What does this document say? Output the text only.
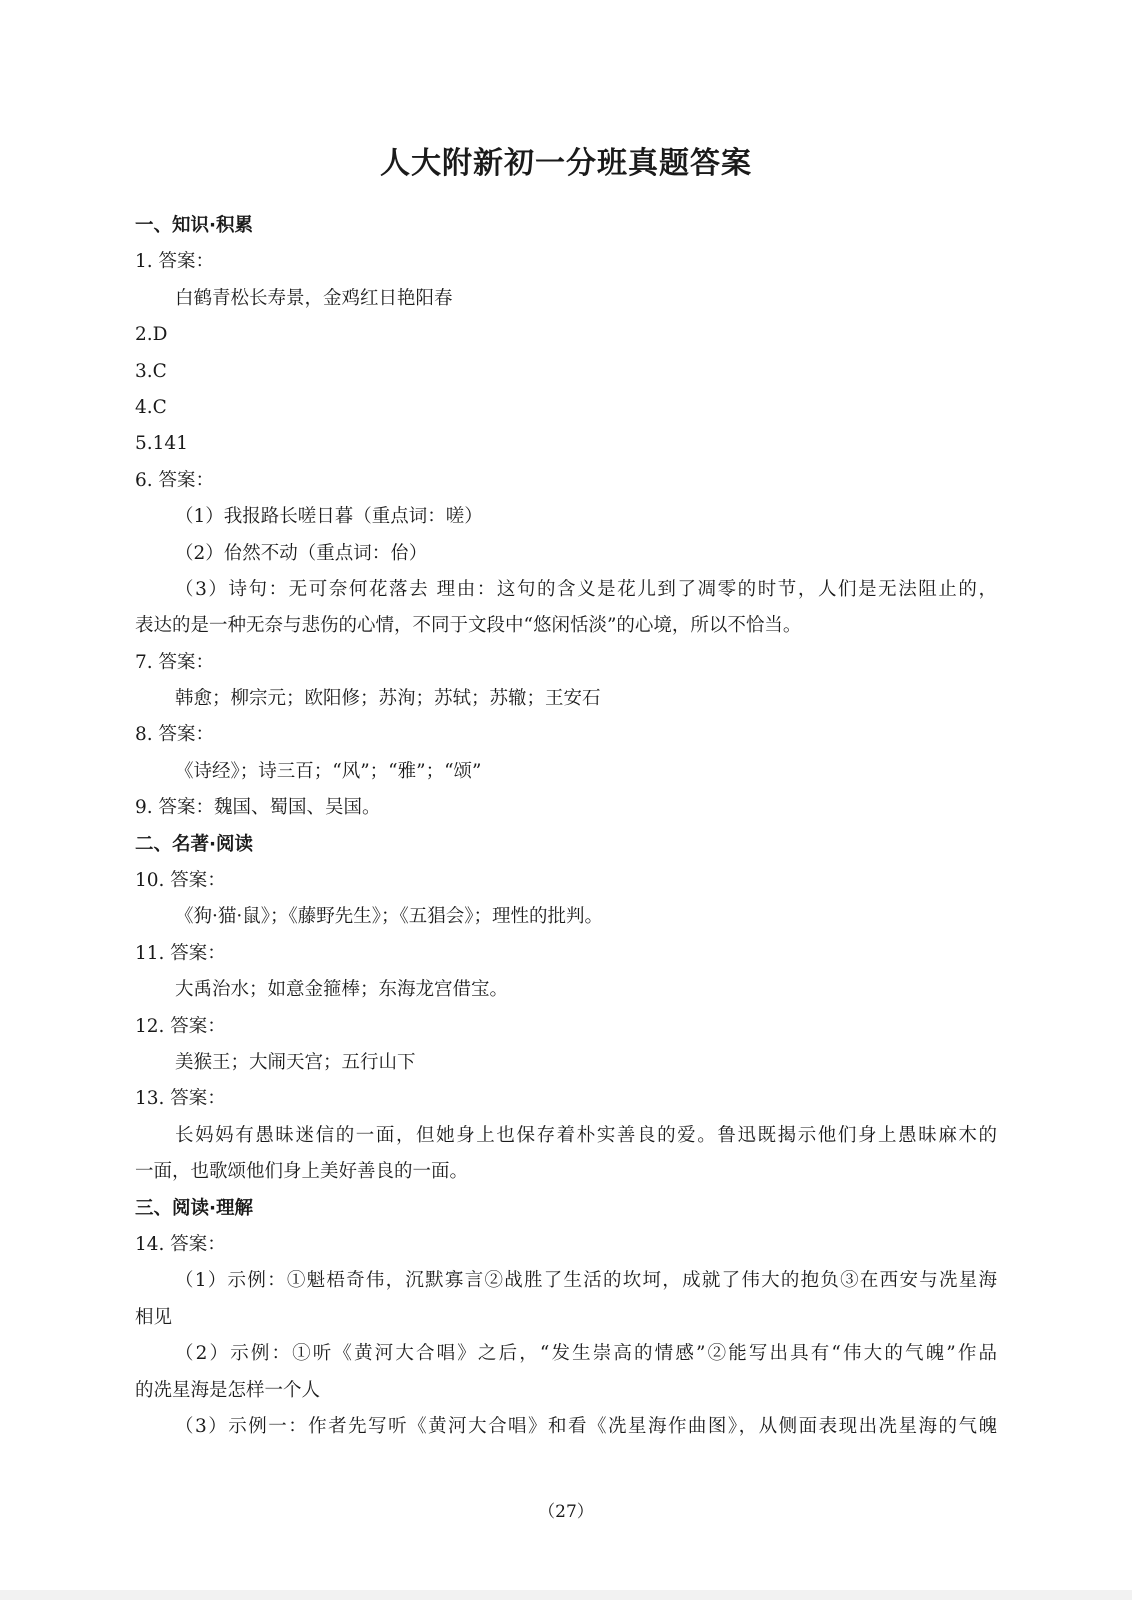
人大附新初一分班真题答案
一、知识·积累
1. 答案：
白鹤青松长寿景，金鸡红日艳阳春
2.D
3.C
4.C
5.141
6. 答案：
（1）我报路长嗟日暮（重点词：嗟）
（2）佁然不动（重点词：佁）
（3）诗句：无可奈何花落去 理由：这句的含义是花儿到了凋零的时节，人们是无法阻止的，
表达的是一种无奈与悲伤的心情，不同于文段中“悠闲恬淡”的心境，所以不恰当。
7. 答案：
韩愈；柳宗元；欧阳修；苏洵；苏轼；苏辙；王安石
8. 答案：
《诗经》；诗三百；“风”；“雅”；“颂”
9. 答案：魏国、蜀国、吴国。
二、名著·阅读
10. 答案：
《狗·猫·鼠》；《藤野先生》；《五猖会》；理性的批判。
11. 答案：
大禹治水；如意金箍棒；东海龙宫借宝。
12. 答案：
美猴王；大闹天宫；五行山下
13. 答案：
长妈妈有愚昧迷信的一面，但她身上也保存着朴实善良的爱。鲁迅既揭示他们身上愚昧麻木的
一面，也歌颂他们身上美好善良的一面。
三、阅读·理解
14. 答案：
（1）示例：①魁梧奇伟，沉默寡言②战胜了生活的坎坷，成就了伟大的抱负③在西安与冼星海
相见
（2）示例：①听《黄河大合唱》之后，“发生崇高的情感”②能写出具有“伟大的气魄”作品
的冼星海是怎样一个人
（3）示例一：作者先写听《黄河大合唱》和看《冼星海作曲图》，从侧面表现出冼星海的气魄
（27）
